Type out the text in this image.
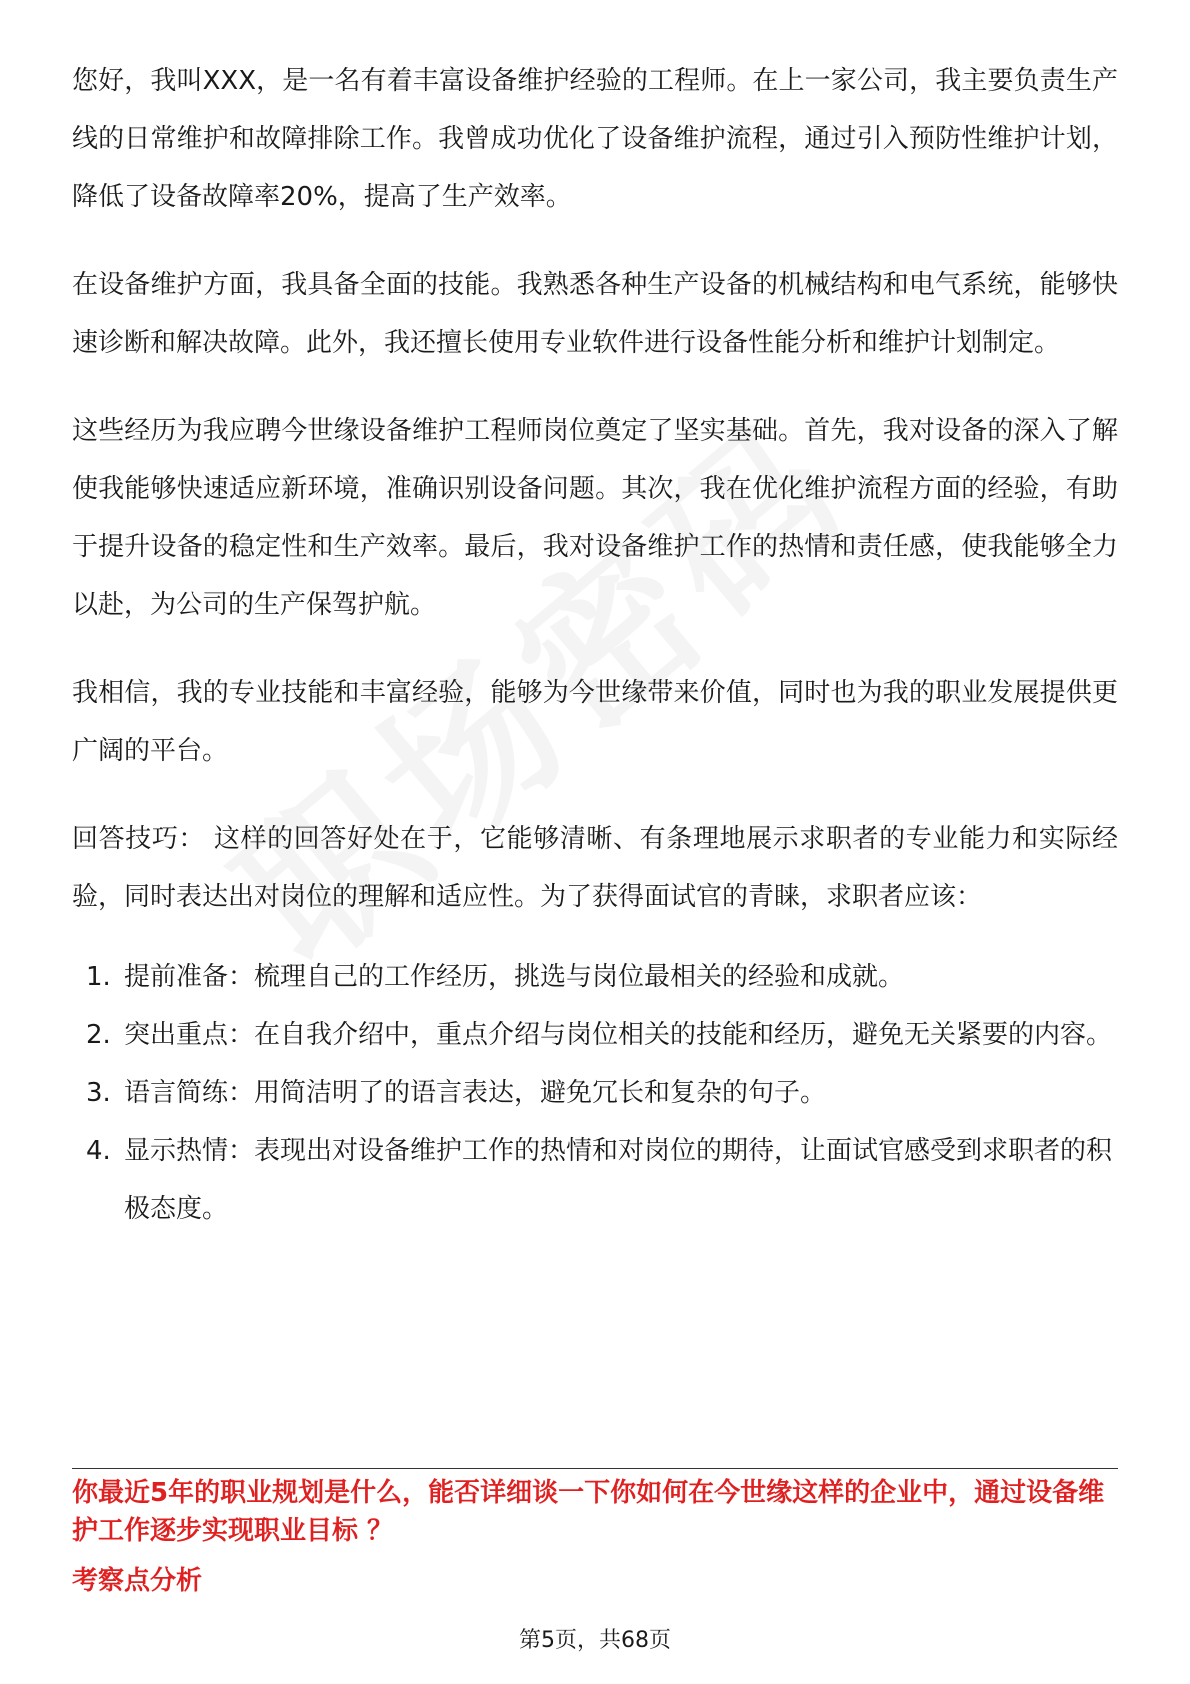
您好，我叫XXX，是一名有着丰富设备维护经验的工程师。在上一家公司，我主要负责生产线的日常维护和故障排除工作。我曾成功优化了设备维护流程，通过引入预防性维护计划，降低了设备故障率20%，提高了生产效率。

在设备维护方面，我具备全面的技能。我熟悉各种生产设备的机械结构和电气系统，能够快速诊断和解决故障。此外，我还擅长使用专业软件进行设备性能分析和维护计划制定。

这些经历为我应聘今世缘设备维护工程师岗位奠定了坚实基础。首先，我对设备的深入了解使我能够快速适应新环境，准确识别设备问题。其次，我在优化维护流程方面的经验，有助于提升设备的稳定性和生产效率。最后，我对设备维护工作的热情和责任感，使我能够全力以赴，为公司的生产保驾护航。

我相信，我的专业技能和丰富经验，能够为今世缘带来价值，同时也为我的职业发展提供更广阔的平台。

回答技巧： 这样的回答好处在于，它能够清晰、有条理地展示求职者的专业能力和实际经验，同时表达出对岗位的理解和适应性。为了获得面试官的青睐，求职者应该：

1. 提前准备：梳理自己的工作经历，挑选与岗位最相关的经验和成就。
2. 突出重点：在自我介绍中，重点介绍与岗位相关的技能和经历，避免无关紧要的内容。
3. 语言简练：用简洁明了的语言表达，避免冗长和复杂的句子。
4. 显示热情：表现出对设备维护工作的热情和对岗位的期待，让面试官感受到求职者的积极态度。
你最近5年的职业规划是什么，能否详细谈一下你如何在今世缘这样的企业中，通过设备维护工作逐步实现职业目标 ？
考察点分析
第5页，共68页
